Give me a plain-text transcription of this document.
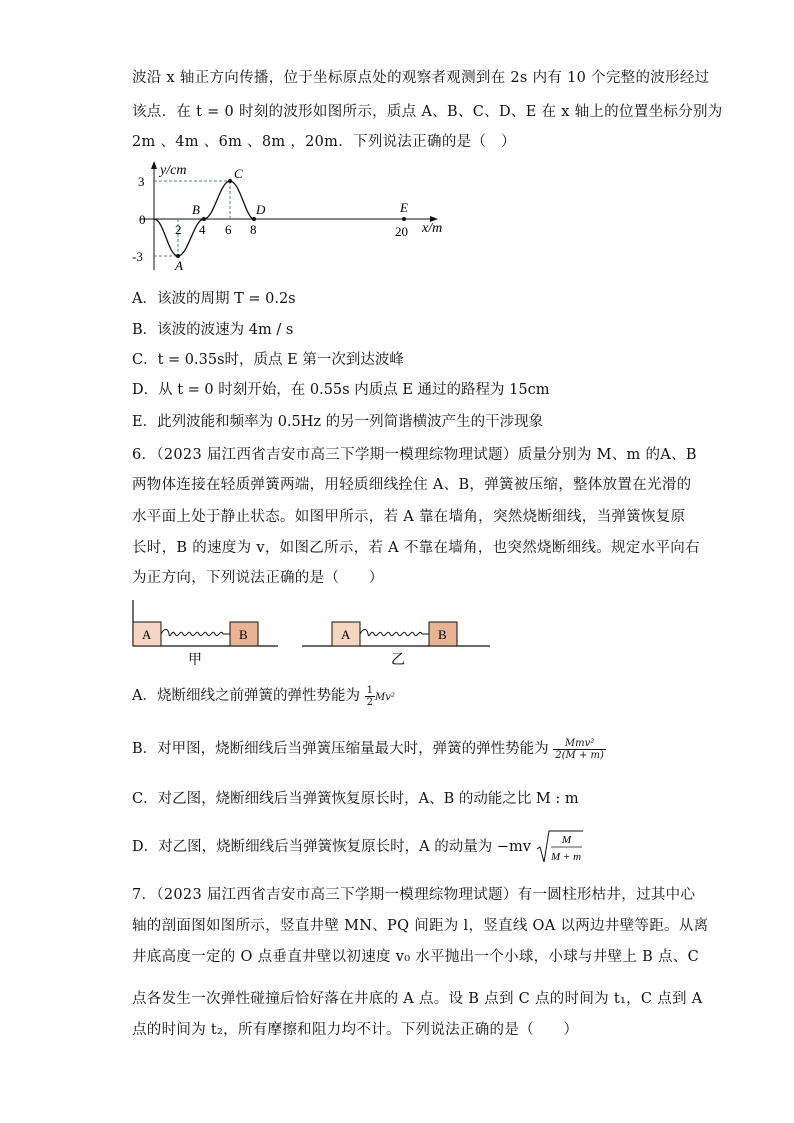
波沿 x 轴正方向传播，位于坐标原点处的观察者观测到在 2s 内有 10 个完整的波形经过
该点．在 t = 0 时刻的波形如图所示，质点 A、B、C、D、E 在 x 轴上的位置坐标分别为
2m 、4m 、6m 、8m ，20m．下列说法正确的是（　）
y/cm
x/m
3
0
-3
2 4 6 8	20
A
B
C
D	E
A．该波的周期 T = 0.2s
B．该波的波速为 4m / s
C．t = 0.35s时，质点 E 第一次到达波峰
D．从 t = 0 时刻开始，在 0.55s 内质点 E 通过的路程为 15cm
E．此列波能和频率为 0.5Hz 的另一列简谐横波产生的干涉现象
6．（2023 届江西省吉安市高三下学期一模理综物理试题）质量分别为 M、m 的A、B
两物体连接在轻质弹簧两端，用轻质细线拴住 A、B，弹簧被压缩，整体放置在光滑的
水平面上处于静止状态。如图甲所示，若 A 靠在墙角，突然烧断细线，当弹簧恢复原
长时，B 的速度为 v，如图乙所示，若 A 不靠在墙角，也突然烧断细线。规定水平向右
为正方向，下列说法正确的是（　　）
A	B
甲
A	B
乙
A．烧断细线之前弹簧的弹性势能为 $\frac{1}{2} Mv^2$
B．对甲图，烧断细线后当弹簧压缩量最大时，弹簧的弹性势能为 $\frac{\text{Mmv²}}{2(M + m)}$
C．对乙图，烧断细线后当弹簧恢复原长时，A、B 的动能之比 M : m
D．对乙图，烧断细线后当弹簧恢复原长时，A 的动量为 −mv	M
M + m
7．（2023 届江西省吉安市高三下学期一模理综物理试题）有一圆柱形枯井，过其中心
轴的剖面图如图所示，竖直井壁 MN、PQ 间距为 l，竖直线 OA 以两边井壁等距。从离
井底高度一定的 O 点垂直井壁以初速度 v₀ 水平抛出一个小球，小球与井壁上 B 点、C
点各发生一次弹性碰撞后恰好落在井底的 A 点。设 B 点到 C 点的时间为 t₁，C 点到 A
点的时间为 t₂，所有摩擦和阻力均不计。下列说法正确的是（　　）
